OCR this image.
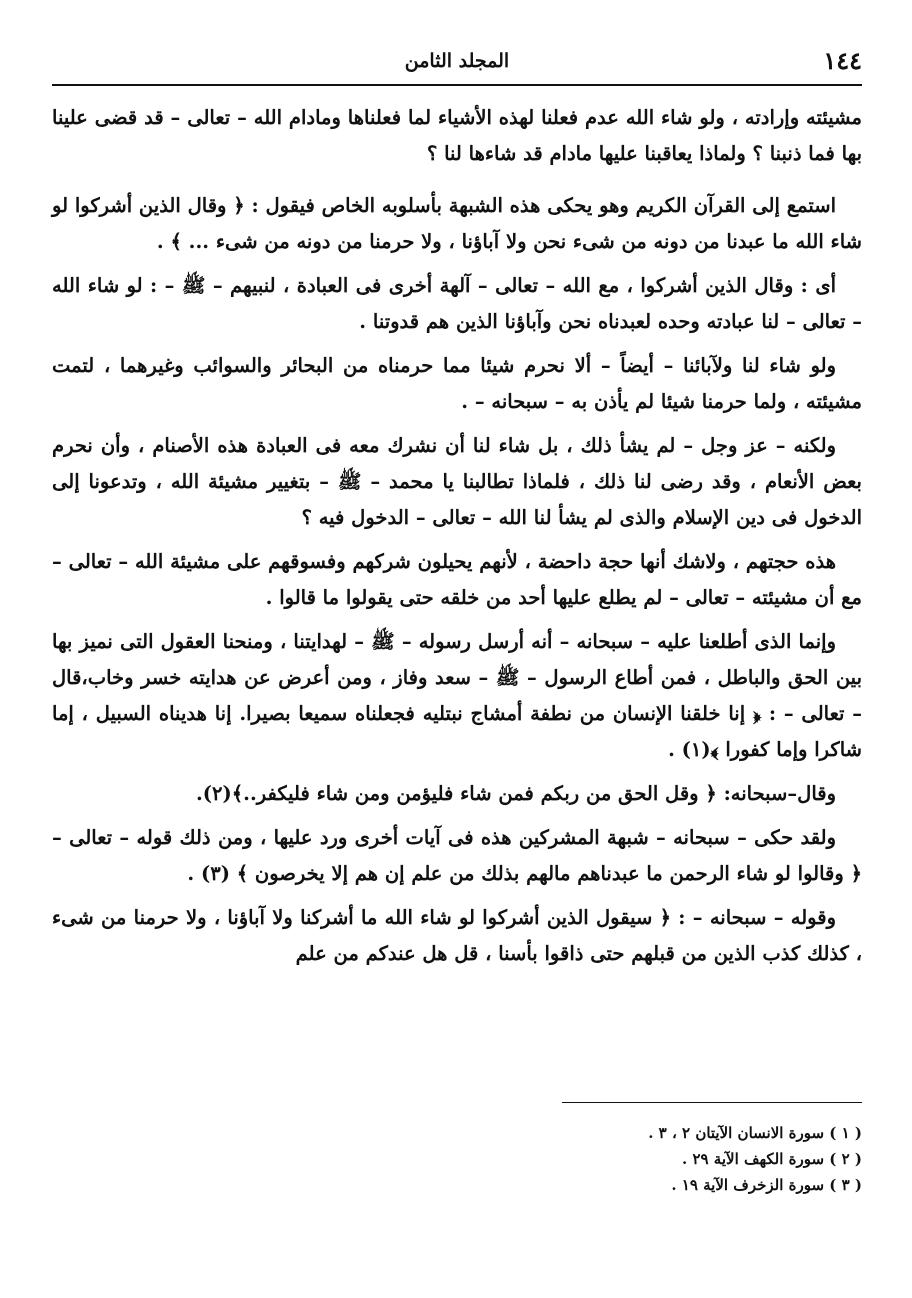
١٤٤
المجلد الثامن

مشيئته وإرادته ، ولو شاء الله عدم فعلنا لهذه الأشياء لما فعلناها ومادام الله – تعالى – قد قضى علينا بها فما ذنبنا ؟ ولماذا يعاقبنا عليها مادام قد شاءها لنا ؟

استمع إلى القرآن الكريم وهو يحكى هذه الشبهة بأسلوبه الخاص فيقول : ﴿ وقال الذين أشركوا لو شاء الله ما عبدنا من دونه من شىء نحن ولا آباؤنا ، ولا حرمنا من دونه من شىء ... ﴾ .

أى : وقال الذين أشركوا ، مع الله – تعالى – آلهة أخرى فى العبادة ، لنبيهم – ﷺ – : لو شاء الله – تعالى – لنا عبادته وحده لعبدناه نحن وآباؤنا الذين هم قدوتنا .

ولو شاء لنا ولآبائنا – أيضاً – ألا نحرم شيئا مما حرمناه من البحائر والسوائب وغيرهما ، لتمت مشيئته ، ولما حرمنا شيئا لم يأذن به – سبحانه – .

ولكنه – عز وجل – لم يشأ ذلك ، بل شاء لنا أن نشرك معه فى العبادة هذه الأصنام ، وأن نحرم بعض الأنعام ، وقد رضى لنا ذلك ، فلماذا تطالبنا يا محمد – ﷺ – بتغيير مشيئة الله ، وتدعونا إلى الدخول فى دين الإسلام والذى لم يشأ لنا الله – تعالى – الدخول فيه ؟

هذه حجتهم ، ولاشك أنها حجة داحضة ، لأنهم يحيلون شركهم وفسوقهم على مشيئة الله – تعالى – مع أن مشيئته – تعالى – لم يطلع عليها أحد من خلقه حتى يقولوا ما قالوا .

وإنما الذى أطلعنا عليه – سبحانه – أنه أرسل رسوله – ﷺ – لهدايتنا ، ومنحنا العقول التى نميز بها بين الحق والباطل ، فمن أطاع الرسول – ﷺ – سعد وفاز ، ومن أعرض عن هدايته خسر وخاب،قال – تعالى – : ﴿ إنا خلقنا الإنسان من نطفة أمشاج نبتليه فجعلناه سميعا بصيرا. إنا هديناه السبيل ، إما شاكرا وإما كفورا ﴾(١) .

وقال–سبحانه: ﴿ وقل الحق من ربكم فمن شاء فليؤمن ومن شاء فليكفر..﴾(٢).

ولقد حكى – سبحانه – شبهة المشركين هذه فى آيات أخرى ورد عليها ، ومن ذلك قوله – تعالى – ﴿ وقالوا لو شاء الرحمن ما عبدناهم مالهم بذلك من علم إن هم إلا يخرصون ﴾ (٣) .

وقوله – سبحانه – : ﴿ سيقول الذين أشركوا لو شاء الله ما أشركنا ولا آباؤنا ، ولا حرمنا من شىء ، كذلك كذب الذين من قبلهم حتى ذاقوا بأسنا ، قل هل عندكم من علم

( ١ ) سورة الانسان الآيتان ٢ ، ٣ .
( ٢ ) سورة الكهف الآية ٢٩ .
( ٣ ) سورة الزخرف الآية ١٩ .
